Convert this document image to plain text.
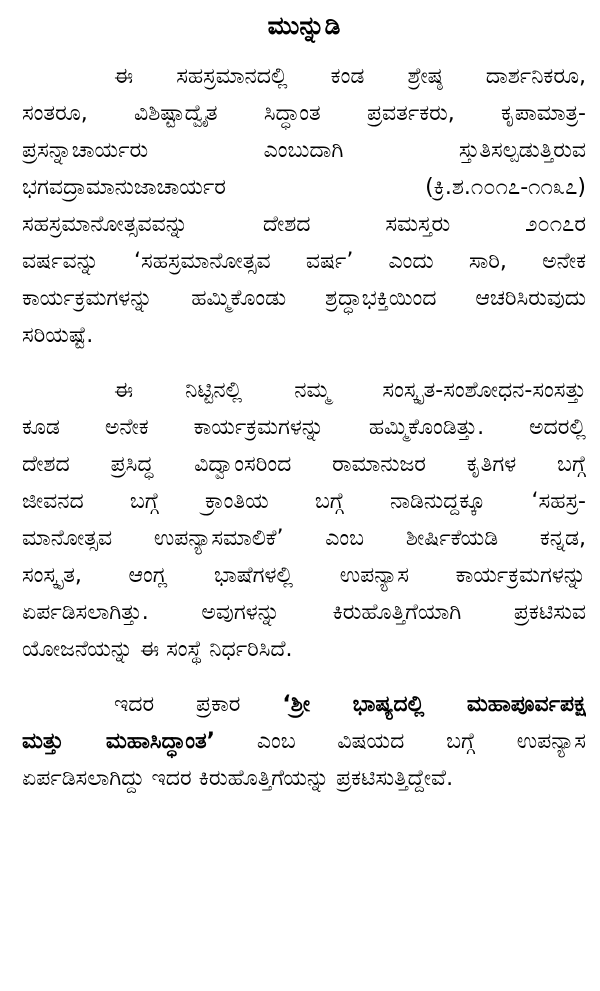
ಮುನ್ನುಡಿ
ಈ ಸಹಸ್ರಮಾನದಲ್ಲಿ ಕಂಡ ಶ್ರೇಷ್ಠ ದಾರ್ಶನಿಕರೂ,
ಸಂತರೂ, ವಿಶಿಷ್ಟಾದ್ವೈತ ಸಿದ್ಧಾಂತ ಪ್ರವರ್ತಕರು, ಕೃಪಾಮಾತ್ರ-
ಪ್ರಸನ್ನಾಚಾರ್ಯರು ಎಂಬುದಾಗಿ ಸ್ತುತಿಸಲ್ಪಡುತ್ತಿರುವ
ಭಗವದ್ರಾಮಾನುಜಾಚಾರ್ಯರ (ಕ್ರಿ.ಶ.೧೦೧೭-೧೧೩೭)
ಸಹಸ್ರಮಾನೋತ್ಸವವನ್ನು ದೇಶದ ಸಮಸ್ತರು ೨೦೧೭ರ
ವರ್ಷವನ್ನು ‘ಸಹಸ್ರಮಾನೋತ್ಸವ ವರ್ಷ’ ಎಂದು ಸಾರಿ, ಅನೇಕ
ಕಾರ್ಯಕ್ರಮಗಳನ್ನು ಹಮ್ಮಿಕೊಂಡು ಶ್ರದ್ಧಾಭಕ್ತಿಯಿಂದ ಆಚರಿಸಿರುವುದು
ಸರಿಯಷ್ಟೆ.
ಈ ನಿಟ್ಟಿನಲ್ಲಿ ನಮ್ಮ ಸಂಸ್ಕೃತ-ಸಂಶೋಧನ-ಸಂಸತ್ತು
ಕೂಡ ಅನೇಕ ಕಾರ್ಯಕ್ರಮಗಳನ್ನು ಹಮ್ಮಿಕೊಂಡಿತ್ತು. ಅದರಲ್ಲಿ
ದೇಶದ ಪ್ರಸಿದ್ಧ ವಿದ್ವಾಂಸರಿಂದ ರಾಮಾನುಜರ ಕೃತಿಗಳ ಬಗ್ಗೆ
ಜೀವನದ ಬಗ್ಗೆ ಕ್ರಾಂತಿಯ ಬಗ್ಗೆ ನಾಡಿನುದ್ದಕ್ಕೂ ‘ಸಹಸ್ರ-
ಮಾನೋತ್ಸವ ಉಪನ್ಯಾಸಮಾಲಿಕೆ’ ಎಂಬ ಶೀರ್ಷಿಕೆಯಡಿ ಕನ್ನಡ,
ಸಂಸ್ಕೃತ, ಆಂಗ್ಲ ಭಾಷೆಗಳಲ್ಲಿ ಉಪನ್ಯಾಸ ಕಾರ್ಯಕ್ರಮಗಳನ್ನು
ಏರ್ಪಡಿಸಲಾಗಿತ್ತು. ಅವುಗಳನ್ನು ಕಿರುಹೊತ್ತಿಗೆಯಾಗಿ ಪ್ರಕಟಿಸುವ
ಯೋಜನೆಯನ್ನು ಈ ಸಂಸ್ಥೆ ನಿರ್ಧರಿಸಿದೆ.
ಇದರ ಪ್ರಕಾರ ‘ಶ್ರೀ ಭಾಷ್ಯದಲ್ಲಿ ಮಹಾಪೂರ್ವಪಕ್ಷ
ಮತ್ತು ಮಹಾಸಿದ್ಧಾಂತ’ ಎಂಬ ವಿಷಯದ ಬಗ್ಗೆ ಉಪನ್ಯಾಸ
ಏರ್ಪಡಿಸಲಾಗಿದ್ದು ಇದರ ಕಿರುಹೊತ್ತಿಗೆಯನ್ನು ಪ್ರಕಟಿಸುತ್ತಿದ್ದೇವೆ.
